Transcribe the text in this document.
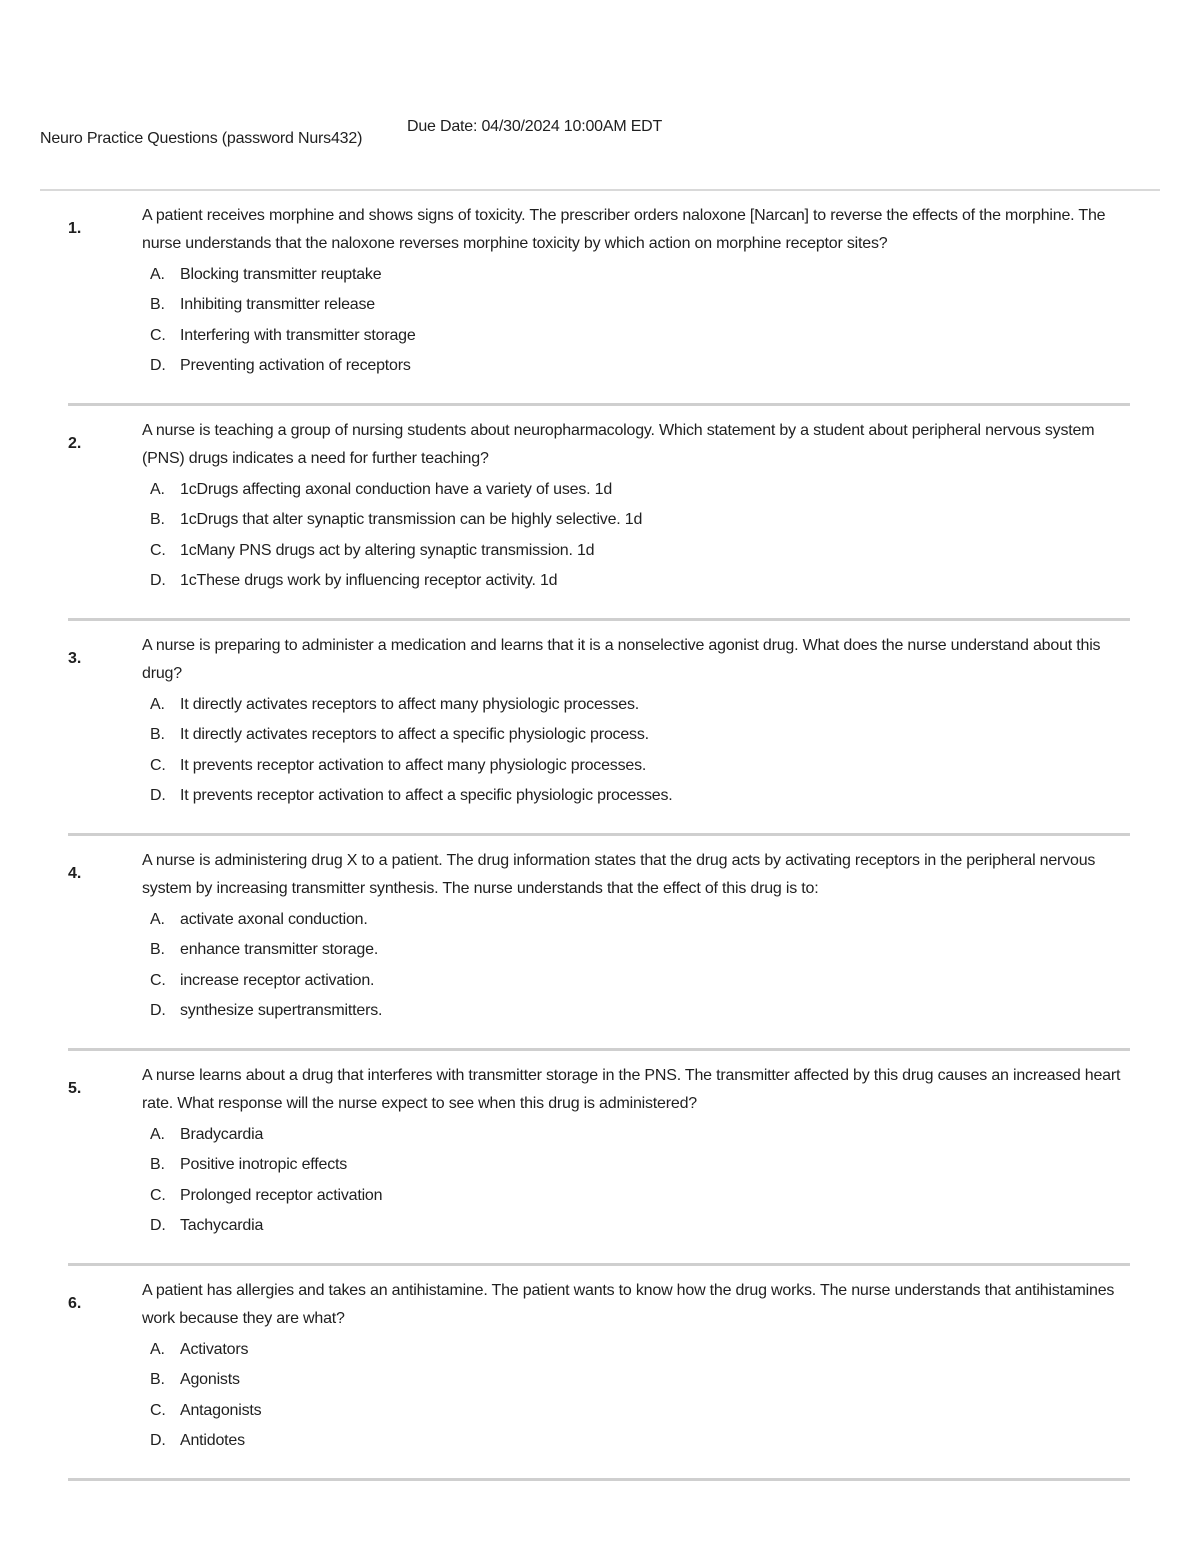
Neuro Practice Questions (password Nurs432)
Due Date: 04/30/2024 10:00AM EDT
1.
A patient receives morphine and shows signs of toxicity. The prescriber orders naloxone [Narcan] to reverse the effects of the morphine. The nurse understands that the naloxone reverses morphine toxicity by which action on morphine receptor sites?
A. Blocking transmitter reuptake
B. Inhibiting transmitter release
C. Interfering with transmitter storage
D. Preventing activation of receptors
2.
A nurse is teaching a group of nursing students about neuropharmacology. Which statement by a student about peripheral nervous system (PNS) drugs indicates a need for further teaching?
A. 1cDrugs affecting axonal conduction have a variety of uses. 1d
B. 1cDrugs that alter synaptic transmission can be highly selective. 1d
C. 1cMany PNS drugs act by altering synaptic transmission. 1d
D. 1cThese drugs work by influencing receptor activity. 1d
3.
A nurse is preparing to administer a medication and learns that it is a nonselective agonist drug. What does the nurse understand about this drug?
A. It directly activates receptors to affect many physiologic processes.
B. It directly activates receptors to affect a specific physiologic process.
C. It prevents receptor activation to affect many physiologic processes.
D. It prevents receptor activation to affect a specific physiologic processes.
4.
A nurse is administering drug X to a patient. The drug information states that the drug acts by activating receptors in the peripheral nervous system by increasing transmitter synthesis. The nurse understands that the effect of this drug is to:
A. activate axonal conduction.
B. enhance transmitter storage.
C. increase receptor activation.
D. synthesize supertransmitters.
5.
A nurse learns about a drug that interferes with transmitter storage in the PNS. The transmitter affected by this drug causes an increased heart rate. What response will the nurse expect to see when this drug is administered?
A. Bradycardia
B. Positive inotropic effects
C. Prolonged receptor activation
D. Tachycardia
6.
A patient has allergies and takes an antihistamine. The patient wants to know how the drug works. The nurse understands that antihistamines work because they are what?
A. Activators
B. Agonists
C. Antagonists
D. Antidotes
